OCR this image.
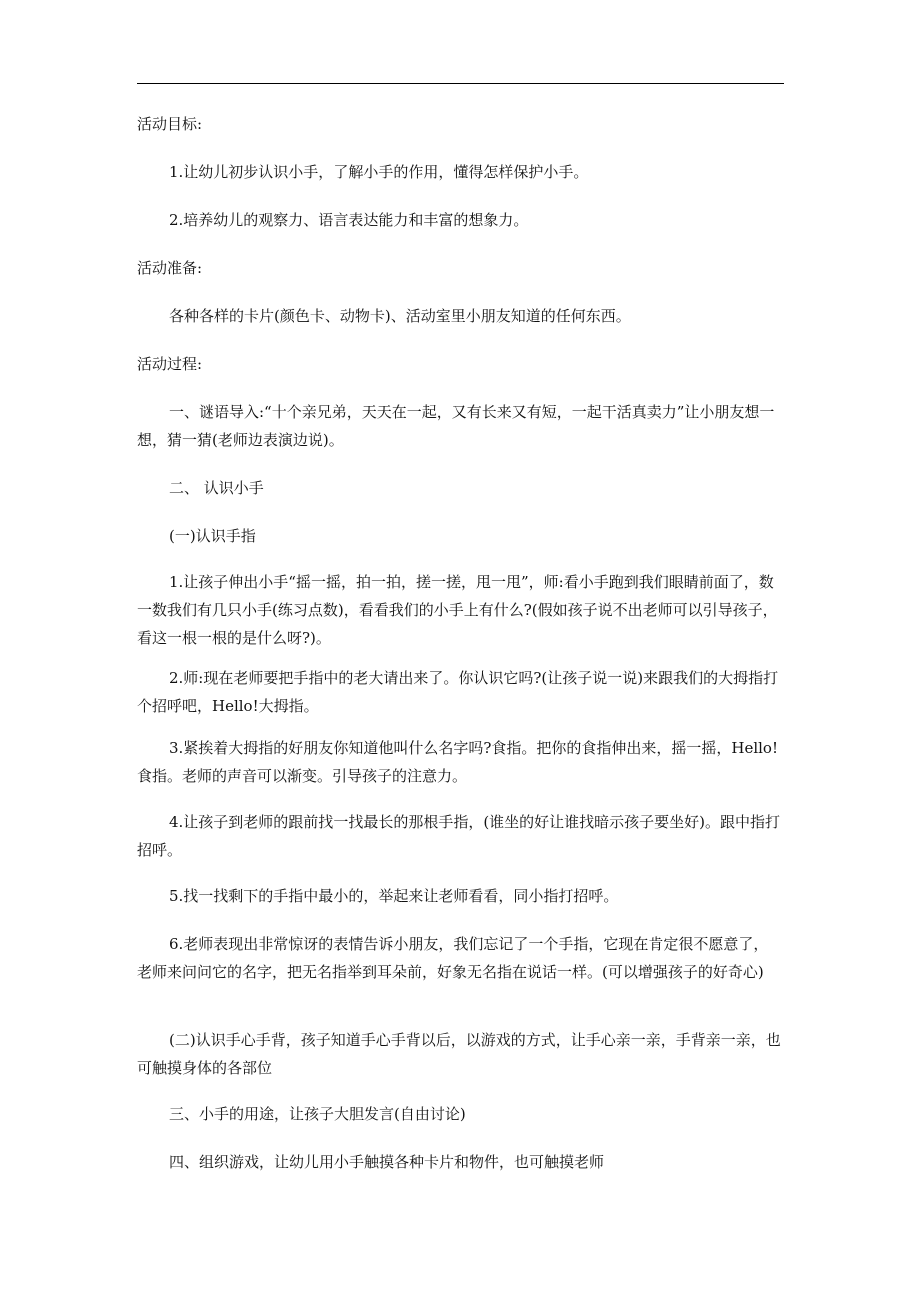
活动目标:
1.让幼儿初步认识小手，了解小手的作用，懂得怎样保护小手。
2.培养幼儿的观察力、语言表达能力和丰富的想象力。
活动准备:
各种各样的卡片(颜色卡、动物卡)、活动室里小朋友知道的任何东西。
活动过程:
一、谜语导入:“十个亲兄弟，天天在一起，又有长来又有短，一起干活真卖力”让小朋友想一想，猜一猜(老师边表演边说)。
二、 认识小手
(一)认识手指
1.让孩子伸出小手“摇一摇，拍一拍，搓一搓，甩一甩”，师:看小手跑到我们眼睛前面了，数一数我们有几只小手(练习点数)，看看我们的小手上有什么?(假如孩子说不出老师可以引导孩子，看这一根一根的是什么呀?)。
2.师:现在老师要把手指中的老大请出来了。你认识它吗?(让孩子说一说)来跟我们的大拇指打个招呼吧，Hello!大拇指。
3.紧挨着大拇指的好朋友你知道他叫什么名字吗?食指。把你的食指伸出来，摇一摇，Hello!食指。老师的声音可以渐变。引导孩子的注意力。
4.让孩子到老师的跟前找一找最长的那根手指，(谁坐的好让谁找暗示孩子要坐好)。跟中指打招呼。
5.找一找剩下的手指中最小的，举起来让老师看看，同小指打招呼。
6.老师表现出非常惊讶的表情告诉小朋友，我们忘记了一个手指，它现在肯定很不愿意了，老师来问问它的名字，把无名指举到耳朵前，好象无名指在说话一样。(可以增强孩子的好奇心)
(二)认识手心手背，孩子知道手心手背以后，以游戏的方式，让手心亲一亲，手背亲一亲，也可触摸身体的各部位
三、小手的用途，让孩子大胆发言(自由讨论)
四、组织游戏，让幼儿用小手触摸各种卡片和物件，也可触摸老师
